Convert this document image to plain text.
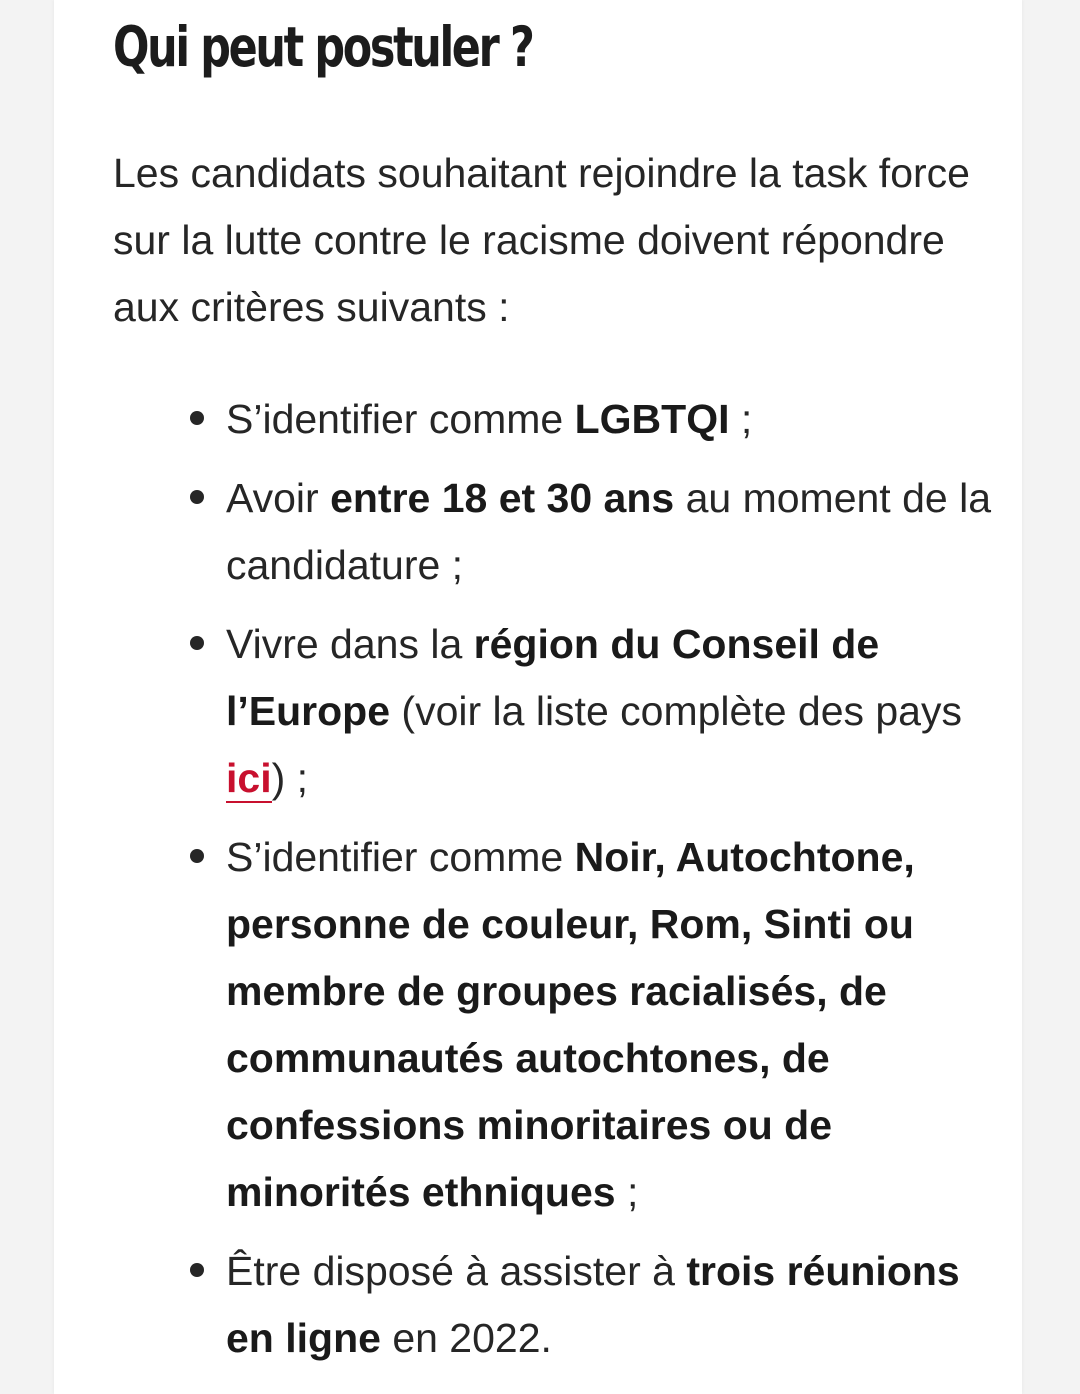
Qui peut postuler ?

Les candidats souhaitant rejoindre la task force sur la lutte contre le racisme doivent répondre aux critères suivants :

S’identifier comme LGBTQI ;
Avoir entre 18 et 30 ans au moment de la candidature ;
Vivre dans la région du Conseil de l’Europe (voir la liste complète des pays ici) ;
S’identifier comme Noir, Autochtone, personne de couleur, Rom, Sinti ou membre de groupes racialisés, de communautés autochtones, de confessions minoritaires ou de minorités ethniques ;
Être disposé à assister à trois réunions en ligne en 2022.
